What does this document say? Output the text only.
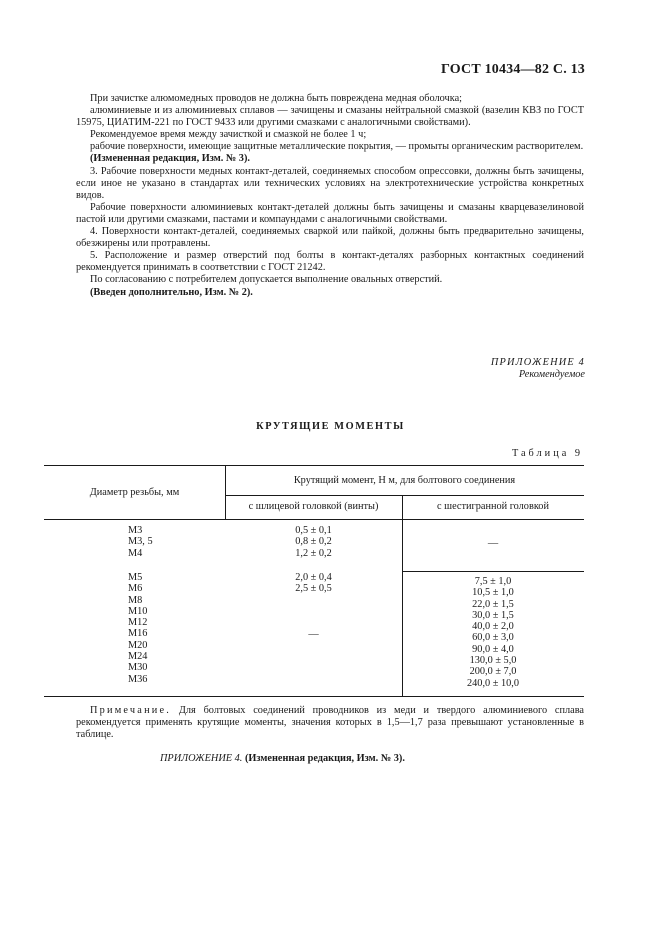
ГОСТ 10434—82 С. 13

При зачистке алюмомедных проводов не должна быть повреждена медная оболочка;

алюминиевые и из алюминиевых сплавов — зачищены и смазаны нейтральной смазкой (вазелин КВЗ по ГОСТ 15975, ЦИАТИМ-221 по ГОСТ 9433 или другими смазками с аналогичными свойствами).

Рекомендуемое время между зачисткой и смазкой не более 1 ч;

рабочие поверхности, имеющие защитные металлические покрытия, — промыты органическим растворителем.

(Измененная редакция, Изм. № 3).

3. Рабочие поверхности медных контакт-деталей, соединяемых способом опрессовки, должны быть зачищены, если иное не указано в стандартах или технических условиях на электротехнические устройства конкретных видов.

Рабочие поверхности алюминиевых контакт-деталей должны быть зачищены и смазаны кварцевазелиновой пастой или другими смазками, пастами и компаундами с аналогичными свойствами.

4. Поверхности контакт-деталей, соединяемых сваркой или пайкой, должны быть предварительно зачищены, обезжирены или протравлены.

5. Расположение и размер отверстий под болты в контакт-деталях разборных контактных соединений рекомендуется принимать в соответствии с ГОСТ 21242.

По согласованию с потребителем допускается выполнение овальных отверстий.

(Введен дополнительно, Изм. № 2).

ПРИЛОЖЕНИЕ 4
Рекомендуемое
КРУТЯЩИЕ МОМЕНТЫ
Таблица 9
Диаметр резьбы, мм
Крутящий момент, Н м, для болтового соединения
с шлицевой головкой (винты)	с шестигранной головкой
М3
М3, 5
М4
0,5 ± 0,1
0,8 ± 0,2
1,2 ± 0,2
—
М5
М6
М8
М10
М12
М16
М20
М24
М30
М36
2,0 ± 0,4
2,5 ± 0,5
—
7,5 ± 1,0
10,5 ± 1,0
22,0 ± 1,5
30,0 ± 1,5
40,0 ± 2,0
60,0 ± 3,0
90,0 ± 4,0
130,0 ± 5,0
200,0 ± 7,0
240,0 ± 10,0

Примечание. Для болтовых соединений проводников из меди и твердого алюминиевого сплава рекомендуется применять крутящие моменты, значения которых в 1,5—1,7 раза превышают установленные в таблице.

ПРИЛОЖЕНИЕ 4. (Измененная редакция, Изм. № 3).
